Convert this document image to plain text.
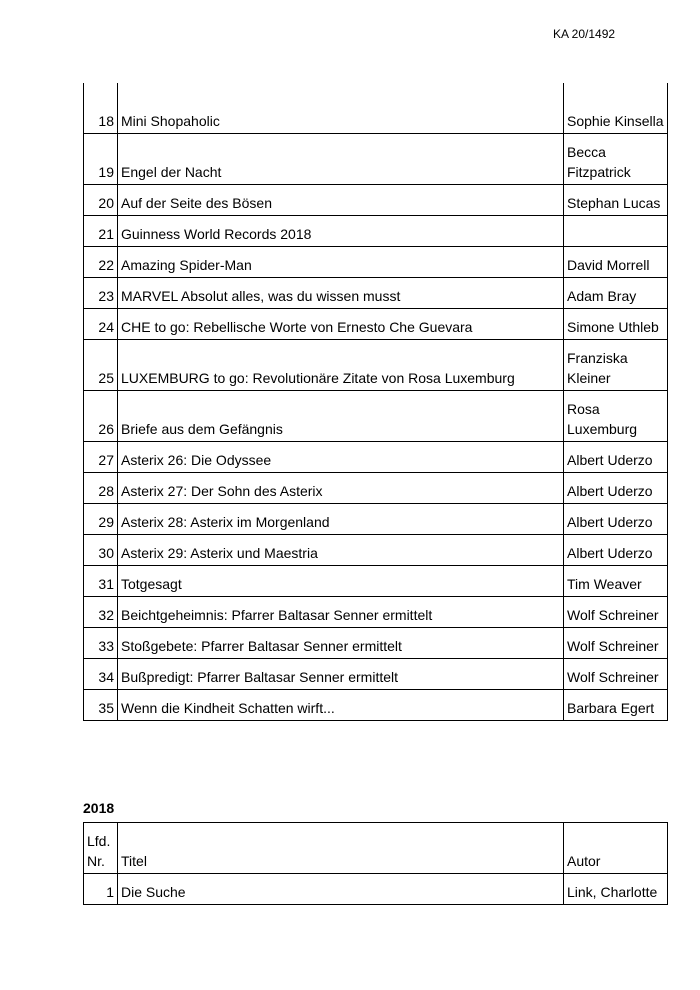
KA 20/1492
18	Mini Shopaholic	Sophie Kinsella
19	Engel der Nacht	Becca Fitzpatrick
20	Auf der Seite des Bösen	Stephan Lucas
21	Guinness World Records 2018	
22	Amazing Spider-Man	David Morrell
23	MARVEL Absolut alles, was du wissen musst	Adam Bray
24	CHE to go: Rebellische Worte von Ernesto Che Guevara	Simone Uthleb
25	LUXEMBURG to go: Revolutionäre Zitate von Rosa Luxemburg	Franziska Kleiner
26	Briefe aus dem Gefängnis	Rosa Luxemburg
27	Asterix 26: Die Odyssee	Albert Uderzo
28	Asterix 27: Der Sohn des Asterix	Albert Uderzo
29	Asterix 28: Asterix im Morgenland	Albert Uderzo
30	Asterix 29: Asterix und Maestria	Albert Uderzo
31	Totgesagt	Tim Weaver
32	Beichtgeheimnis: Pfarrer Baltasar Senner ermittelt	Wolf Schreiner
33	Stoßgebete: Pfarrer Baltasar Senner ermittelt	Wolf Schreiner
34	Bußpredigt: Pfarrer Baltasar Senner ermittelt	Wolf Schreiner
35	Wenn die Kindheit Schatten wirft...	Barbara Egert
2018
Lfd. Nr.	Titel	Autor
1	Die Suche	Link, Charlotte
